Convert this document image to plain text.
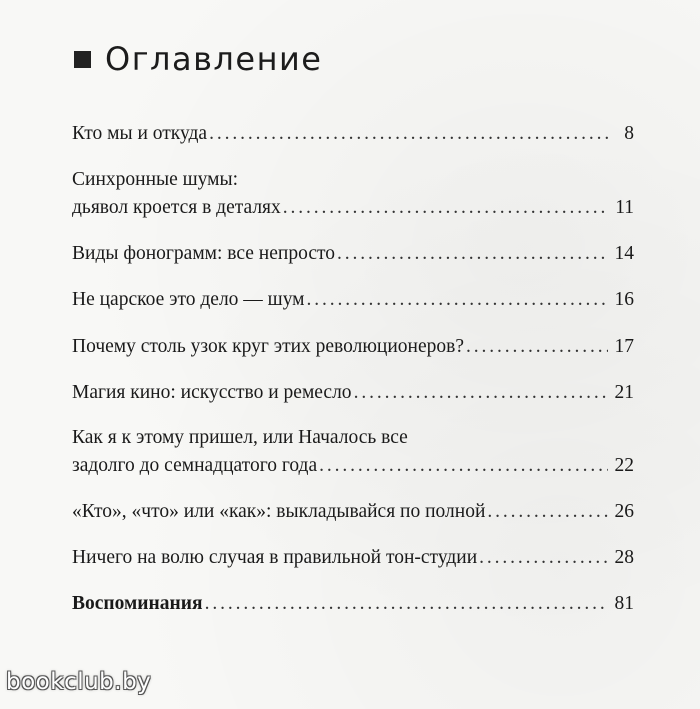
Оглавление
Кто мы и откуда . . .	8
Синхронные шумы:
дьявол кроется в деталях . . .	11
Виды фонограмм: все непросто . . .	14
Не царское это дело — шум . . .	16
Почему столь узок круг этих революционеров? . . .	17
Магия кино: искусство и ремесло . . .	21
Как я к этому пришел, или Началось все
задолго до семнадцатого года . . .	22
«Кто», «что» или «как»: выкладывайся по полной . . .	26
Ничего на волю случая в правильной тон-студии . . .	28
Воспоминания . . .	81
bookclub.by
